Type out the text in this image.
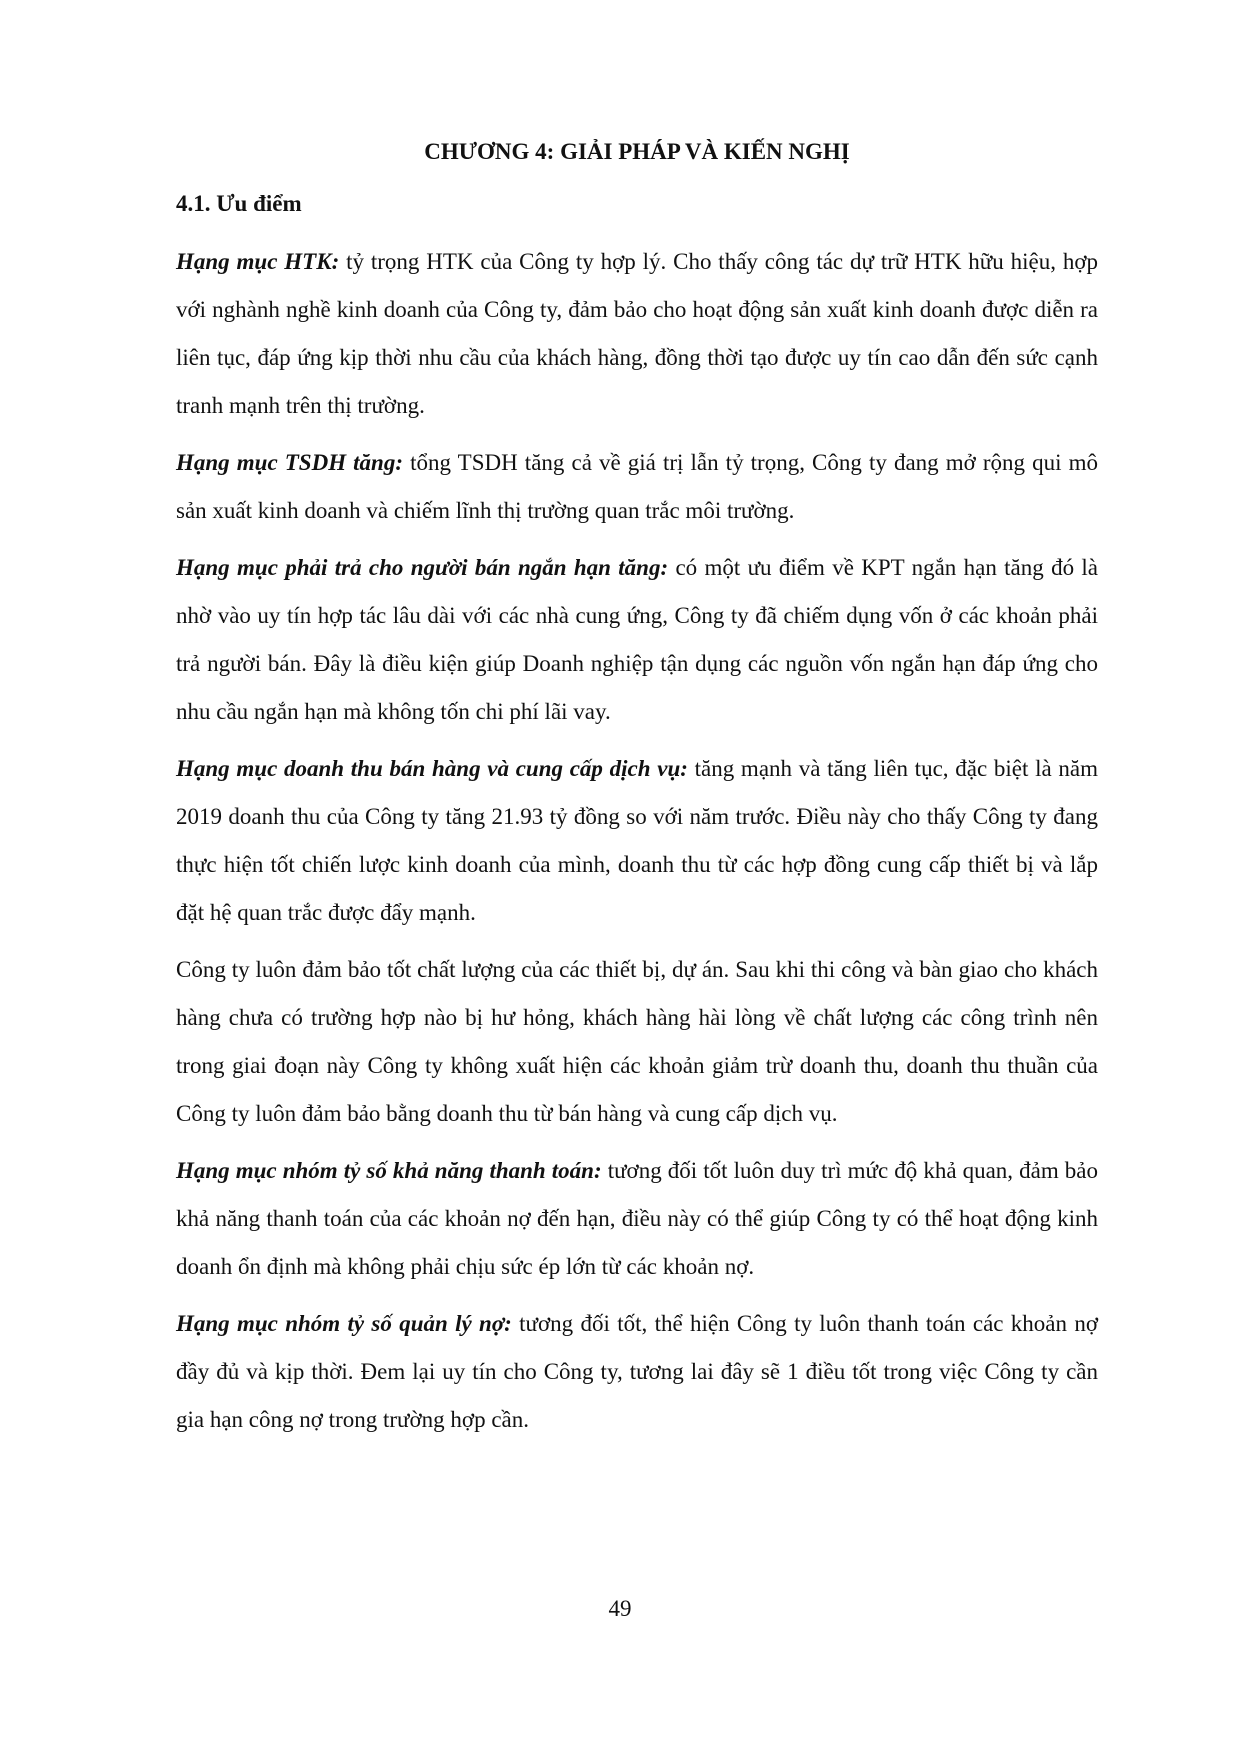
CHƯƠNG 4: GIẢI PHÁP VÀ KIẾN NGHỊ
4.1. Ưu điểm

Hạng mục HTK: tỷ trọng HTK của Công ty hợp lý. Cho thấy công tác dự trữ HTK hữu hiệu, hợp với nghành nghề kinh doanh của Công ty, đảm bảo cho hoạt động sản xuất kinh doanh được diễn ra liên tục, đáp ứng kịp thời nhu cầu của khách hàng, đồng thời tạo được uy tín cao dẫn đến sức cạnh tranh mạnh trên thị trường.

Hạng mục TSDH tăng: tổng TSDH tăng cả về giá trị lẫn tỷ trọng, Công ty đang mở rộng qui mô sản xuất kinh doanh và chiếm lĩnh thị trường quan trắc môi trường.

Hạng mục phải trả cho người bán ngắn hạn tăng: có một ưu điểm về KPT ngắn hạn tăng đó là nhờ vào uy tín hợp tác lâu dài với các nhà cung ứng, Công ty đã chiếm dụng vốn ở các khoản phải trả người bán. Đây là điều kiện giúp Doanh nghiệp tận dụng các nguồn vốn ngắn hạn đáp ứng cho nhu cầu ngắn hạn mà không tốn chi phí lãi vay.

Hạng mục doanh thu bán hàng và cung cấp dịch vụ: tăng mạnh và tăng liên tục, đặc biệt là năm 2019 doanh thu của Công ty tăng 21.93 tỷ đồng so với năm trước. Điều này cho thấy Công ty đang thực hiện tốt chiến lược kinh doanh của mình, doanh thu từ các hợp đồng cung cấp thiết bị và lắp đặt hệ quan trắc được đẩy mạnh.

Công ty luôn đảm bảo tốt chất lượng của các thiết bị, dự án. Sau khi thi công và bàn giao cho khách hàng chưa có trường hợp nào bị hư hỏng, khách hàng hài lòng về chất lượng các công trình nên trong giai đoạn này Công ty không xuất hiện các khoản giảm trừ doanh thu, doanh thu thuần của Công ty luôn đảm bảo bằng doanh thu từ bán hàng và cung cấp dịch vụ.

Hạng mục nhóm tỷ số khả năng thanh toán: tương đối tốt luôn duy trì mức độ khả quan, đảm bảo khả năng thanh toán của các khoản nợ đến hạn, điều này có thể giúp Công ty có thể hoạt động kinh doanh ổn định mà không phải chịu sức ép lớn từ các khoản nợ.

Hạng mục nhóm tỷ số quản lý nợ: tương đối tốt, thể hiện Công ty luôn thanh toán các khoản nợ đầy đủ và kịp thời. Đem lại uy tín cho Công ty, tương lai đây sẽ 1 điều tốt trong việc Công ty cần gia hạn công nợ trong trường hợp cần.

49
